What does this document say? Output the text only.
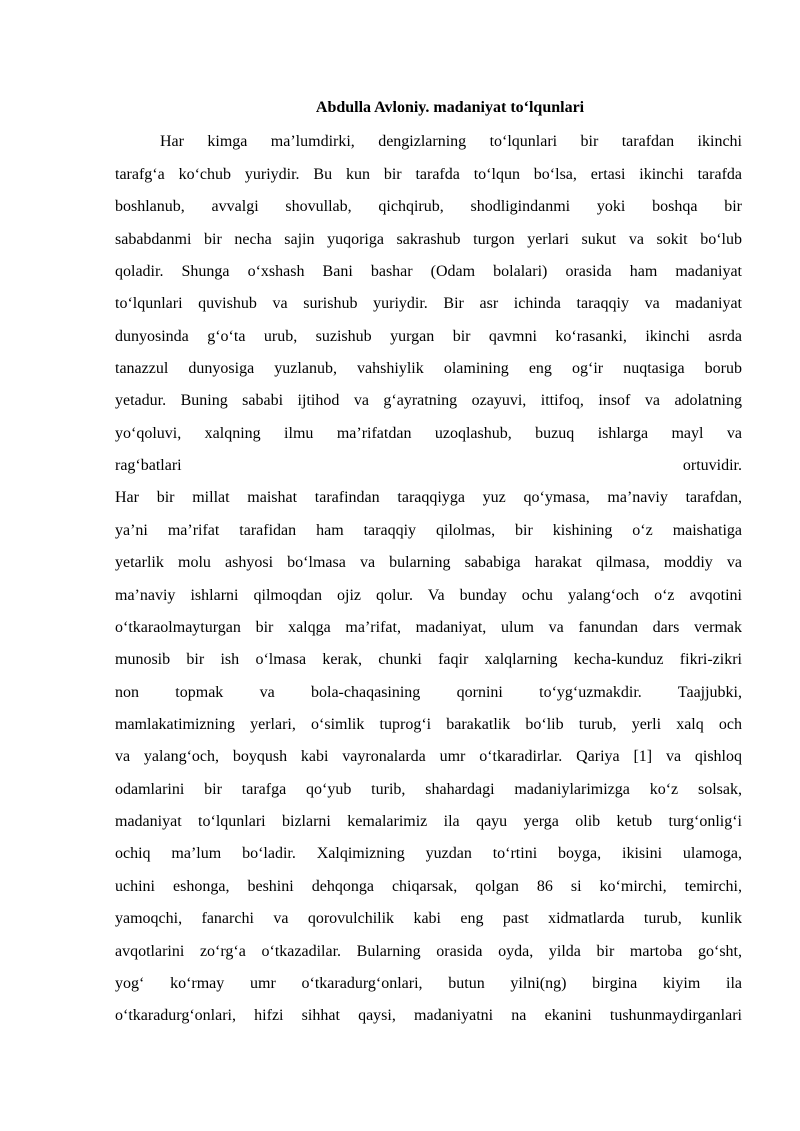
Abdulla Avloniy. madaniyat to‘lqunlari

Har kimga ma’lumdirki, dengizlarning to‘lqunlari bir tarafdan ikinchi

tarafg‘a ko‘chub yuriydir. Bu kun bir tarafda to‘lqun bo‘lsa, ertasi ikinchi tarafda

boshlanub, avvalgi shovullab, qichqirub, shodligindanmi yoki boshqa bir

sababdanmi bir necha sajin yuqoriga sakrashub turgon yerlari sukut va sokit bo‘lub

qoladir. Shunga o‘xshash Bani bashar (Odam bolalari) orasida ham madaniyat

to‘lqunlari quvishub va surishub yuriydir. Bir asr ichinda taraqqiy va madaniyat

dunyosinda g‘o‘ta urub, suzishub yurgan bir qavmni ko‘rasanki, ikinchi asrda

tanazzul dunyosiga yuzlanub, vahshiylik olamining eng og‘ir nuqtasiga borub

yetadur. Buning sababi ijtihod va g‘ayratning ozayuvi, ittifoq, insof va adolatning

yo‘qoluvi, xalqning ilmu ma’rifatdan uzoqlashub, buzuq ishlarga mayl va

rag‘batlari	ortuvidir.

Har bir millat maishat tarafindan taraqqiyga yuz qo‘ymasa, ma’naviy tarafdan,

ya’ni ma’rifat tarafidan ham taraqqiy qilolmas, bir kishining o‘z maishatiga

yetarlik molu ashyosi bo‘lmasa va bularning sababiga harakat qilmasa, moddiy va

ma’naviy ishlarni qilmoqdan ojiz qolur. Va bunday ochu yalang‘och o‘z avqotini

o‘tkaraolmayturgan bir xalqga ma’rifat, madaniyat, ulum va fanundan dars vermak

munosib bir ish o‘lmasa kerak, chunki faqir xalqlarning kecha-kunduz fikri-zikri

non topmak va bola-chaqasining qornini to‘yg‘uzmakdir. Taajjubki,

mamlakatimizning yerlari, o‘simlik tuprog‘i barakatlik bo‘lib turub, yerli xalq och

va yalang‘och, boyqush kabi vayronalarda umr o‘tkaradirlar. Qariya [1] va qishloq

odamlarini bir tarafga qo‘yub turib, shahardagi madaniylarimizga ko‘z solsak,

madaniyat to‘lqunlari bizlarni kemalarimiz ila qayu yerga olib ketub turg‘onlig‘i

ochiq ma’lum bo‘ladir. Xalqimizning yuzdan to‘rtini boyga, ikisini ulamoga,

uchini eshonga, beshini dehqonga chiqarsak, qolgan 86 si ko‘mirchi, temirchi,

yamoqchi, fanarchi va qorovulchilik kabi eng past xidmatlarda turub, kunlik

avqotlarini zo‘rg‘a o‘tkazadilar. Bularning orasida oyda, yilda bir martoba go‘sht,

yog‘ ko‘rmay umr o‘tkaradurg‘onlari, butun yilni(ng) birgina kiyim ila

o‘tkaradurg‘onlari, hifzi sihhat qaysi, madaniyatni na ekanini tushunmaydirganlari
